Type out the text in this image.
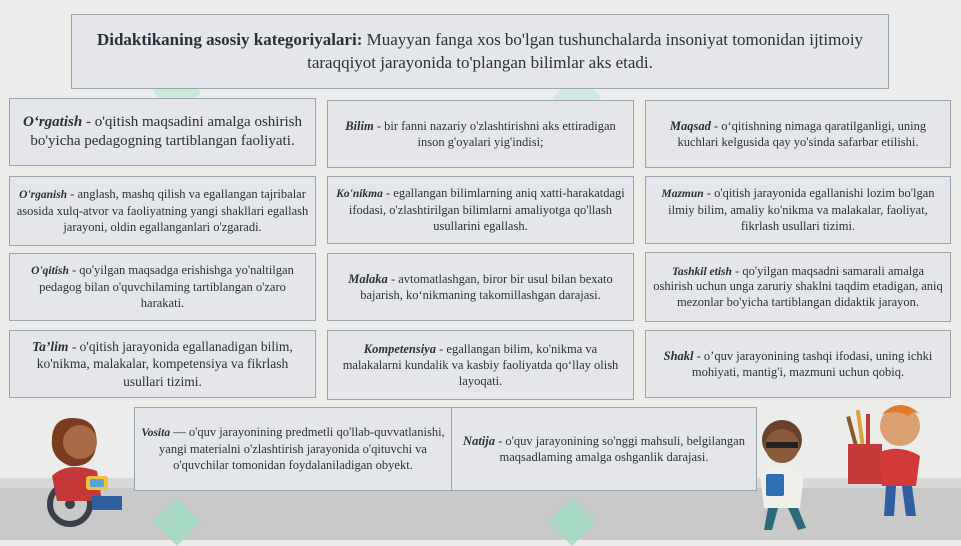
Didaktikaning asosiy kategoriyalari: Muayyan fanga xos bo'lgan tushunchalarda insoniyat tomonidan ijtimoiy taraqqiyot jarayonida to'plangan bilimlar aks etadi.
O‘rgatish - o'qitish maqsadini amalga oshirish bo'yicha pedagogning tartiblangan faoliyati.
O'rganish - anglash, mashq qilish va egallangan tajribalar asosida xulq-atvor va faoliyatning yangi shakllari egallash jarayoni, oldin egallanganlari o'zgaradi.
O'qitish - qo'yilgan maqsadga erishishga yo'naltilgan pedagog bilan o'quvchilaming tartiblangan o'zaro harakati.
Ta’lim - o'qitish jarayonida egallanadigan bilim, ko'nikma, malakalar, kompetensiya va fikrlash usullari tizimi.
Bilim - bir fanni nazariy o'zlashtirishni aks ettiradigan inson g'oyalari yig'indisi;
Ko'nikma - egallangan bilimlarning aniq xatti-harakatdagi ifodasi, o'zlashtirilgan bilimlarni amaliyotga qo'llash usullarini egallash.
Malaka - avtomatlashgan, biror bir usul bilan bexato bajarish, ko‘nikmaning takomillashgan darajasi.
Kompetensiya - egallangan bilim, ko'nikma va malakalarni kundalik va kasbiy faoliyatda qo‘llay olish layoqati.
Maqsad - o‘qitishning nimaga qaratilganligi, uning kuchlari kelgusida qay yo'sinda safarbar etilishi.
Mazmun - o'qitish jarayonida egallanishi lozim bo'lgan ilmiy bilim, amaliy ko'nikma va malakalar, faoliyat, fikrlash usullari tizimi.
Tashkil etish - qo'yilgan maqsadni samarali amalga oshirish uchun unga zaruriy shaklni taqdim etadigan, aniq mezonlar bo'yicha tartiblangan didaktik jarayon.
Shakl - o’quv jarayonining tashqi ifodasi, uning ichki mohiyati, mantig'i, mazmuni uchun qobiq.
Vosita — o'quv jarayonining predmetli qo'llab-quvvatlanishi, yangi materialni o'zlashtirish jarayonida o'qituvchi va o'quvchilar tomonidan foydalaniladigan obyekt.
Natija - o'quv jarayonining so'nggi mahsuli, belgilangan maqsadlaming amalga oshganlik darajasi.
